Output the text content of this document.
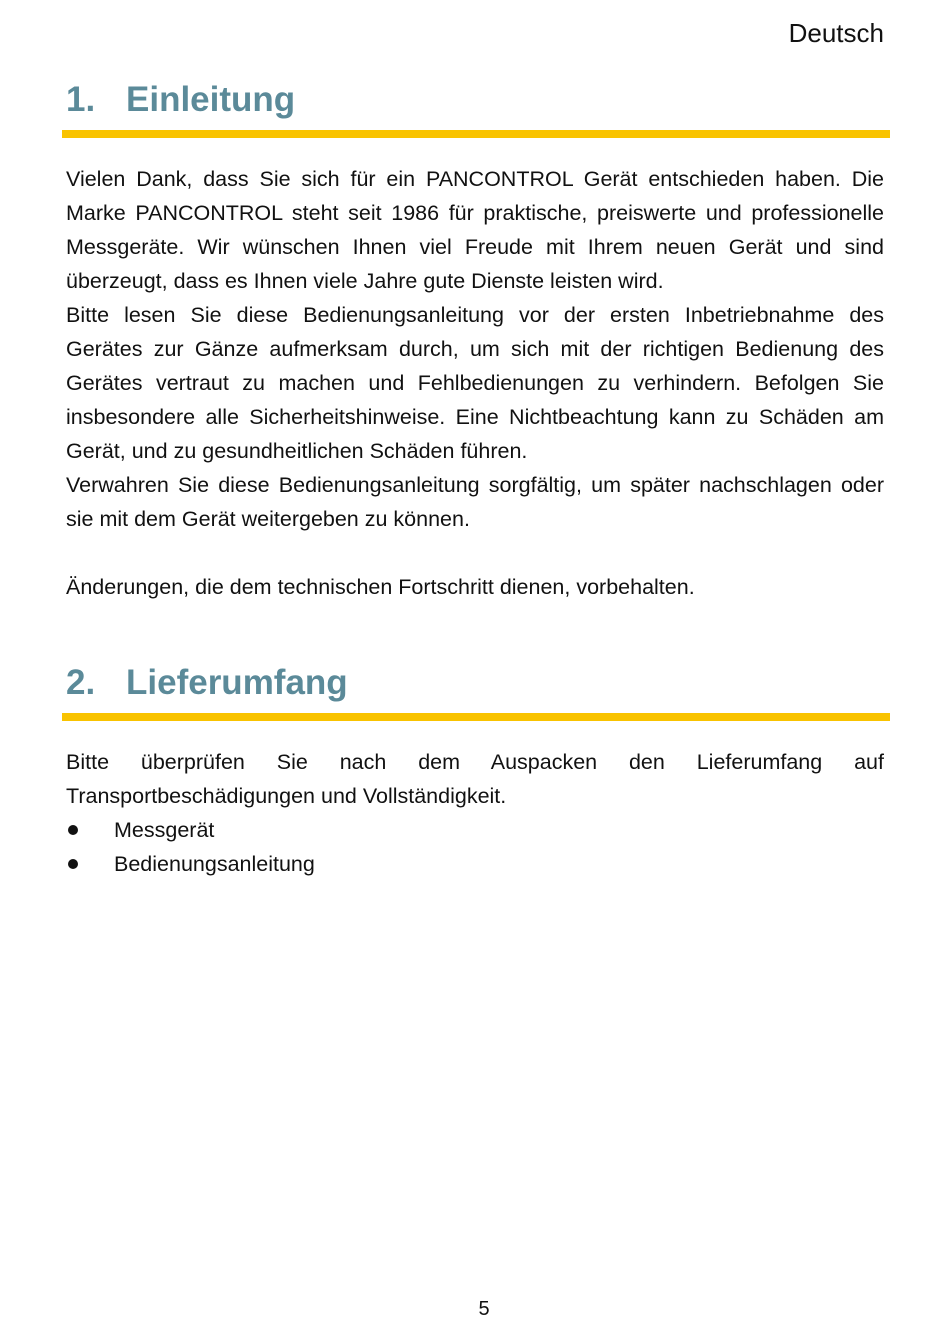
Deutsch
1. Einleitung

Vielen Dank, dass Sie sich für ein PANCONTROL Gerät entschieden haben. Die Marke PANCONTROL steht seit 1986 für praktische, preiswerte und professionelle Messgeräte. Wir wünschen Ihnen viel Freude mit Ihrem neuen Gerät und sind überzeugt, dass es Ihnen viele Jahre gute Dienste leisten wird.

Bitte lesen Sie diese Bedienungsanleitung vor der ersten Inbetriebnahme des Gerätes zur Gänze aufmerksam durch, um sich mit der richtigen Bedienung des Gerätes vertraut zu machen und Fehlbedienungen zu verhindern. Befolgen Sie insbesondere alle Sicherheitshinweise. Eine Nichtbeachtung kann zu Schäden am Gerät, und zu gesundheitlichen Schäden führen.

Verwahren Sie diese Bedienungsanleitung sorgfältig, um später nachschlagen oder sie mit dem Gerät weitergeben zu können.

Änderungen, die dem technischen Fortschritt dienen, vorbehalten.

2. Lieferumfang

Bitte überprüfen Sie nach dem Auspacken den Lieferumfang auf Transportbeschädigungen und Vollständigkeit.

Messgerät
Bedienungsanleitung
5
